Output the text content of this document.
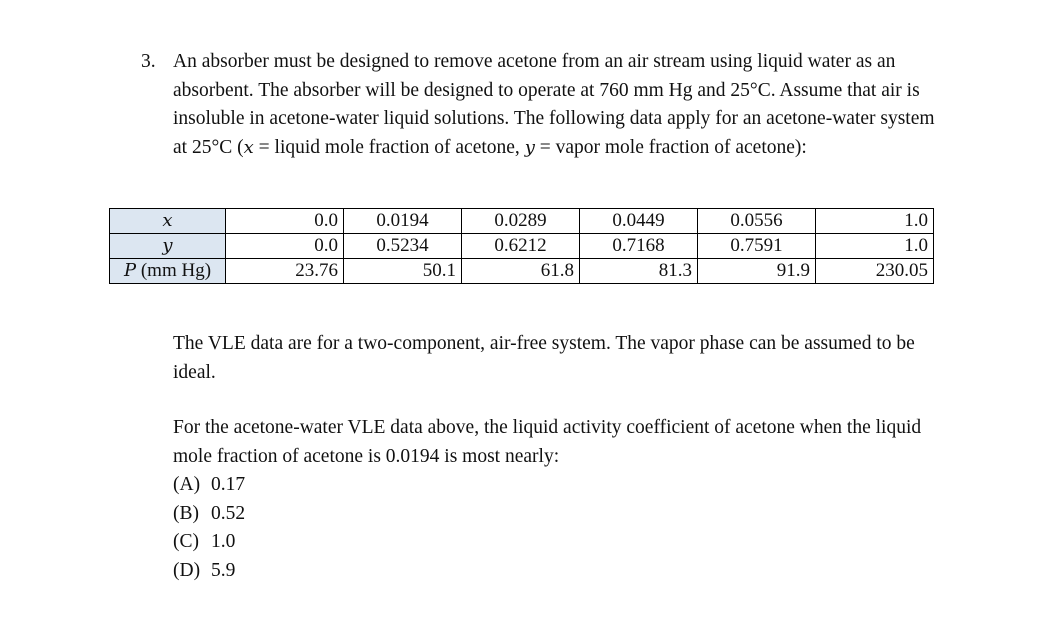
3. An absorber must be designed to remove acetone from an air stream using liquid water as an absorbent. The absorber will be designed to operate at 760 mm Hg and 25°C. Assume that air is insoluble in acetone-water liquid solutions. The following data apply for an acetone-water system at 25°C (x = liquid mole fraction of acetone, y = vapor mole fraction of acetone):

x	0.0	0.0194	0.0289	0.0449	0.0556	1.0
y	0.0	0.5234	0.6212	0.7168	0.7591	1.0
P (mm Hg)	23.76	50.1	61.8	81.3	91.9	230.05

The VLE data are for a two-component, air-free system. The vapor phase can be assumed to be ideal.

For the acetone-water VLE data above, the liquid activity coefficient of acetone when the liquid mole fraction of acetone is 0.0194 is most nearly:
(A) 0.17
(B) 0.52
(C) 1.0
(D) 5.9
